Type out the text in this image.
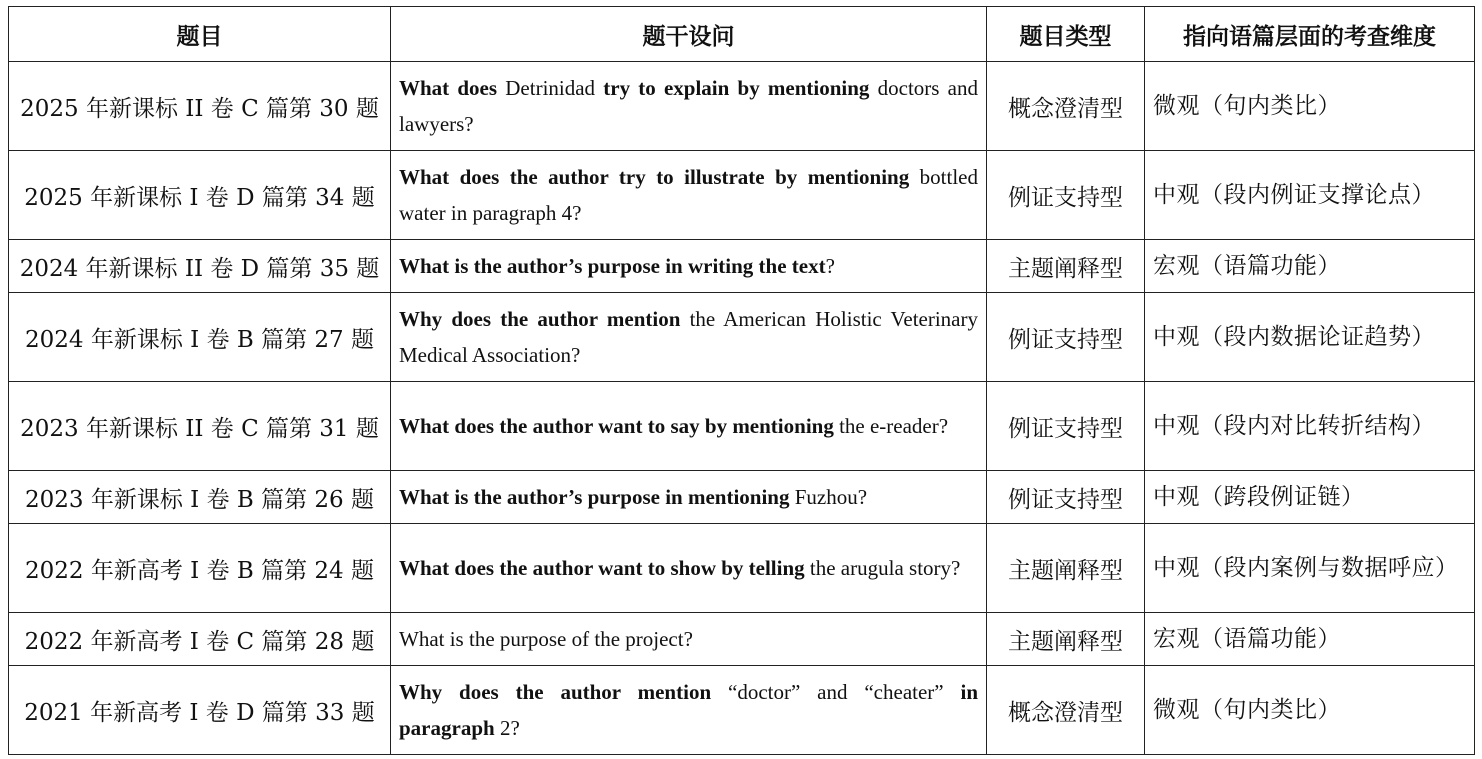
题目	题干设问	题目类型	指向语篇层面的考查维度
2025 年新课标 II 卷 C 篇第 30 题	What does Detrinidad try to explain by mentioning doctors and lawyers?	概念澄清型	微观（句内类比）
2025 年新课标 I 卷 D 篇第 34 题	What does the author try to illustrate by mentioning bottled water in paragraph 4?	例证支持型	中观（段内例证支撑论点）
2024 年新课标 II 卷 D 篇第 35 题	What is the author’s purpose in writing the text?	主题阐释型	宏观（语篇功能）
2024 年新课标 I 卷 B 篇第 27 题	Why does the author mention the American Holistic Veterinary Medical Association?	例证支持型	中观（段内数据论证趋势）
2023 年新课标 II 卷 C 篇第 31 题	What does the author want to say by mentioning the e-reader?	例证支持型	中观（段内对比转折结构）
2023 年新课标 I 卷 B 篇第 26 题	What is the author’s purpose in mentioning Fuzhou?	例证支持型	中观（跨段例证链）
2022 年新高考 I 卷 B 篇第 24 题	What does the author want to show by telling the arugula story?	主题阐释型	中观（段内案例与数据呼应）
2022 年新高考 I 卷 C 篇第 28 题	What is the purpose of the project?	主题阐释型	宏观（语篇功能）
2021 年新高考 I 卷 D 篇第 33 题	Why does the author mention “doctor” and “cheater” in paragraph 2?	概念澄清型	微观（句内类比）
